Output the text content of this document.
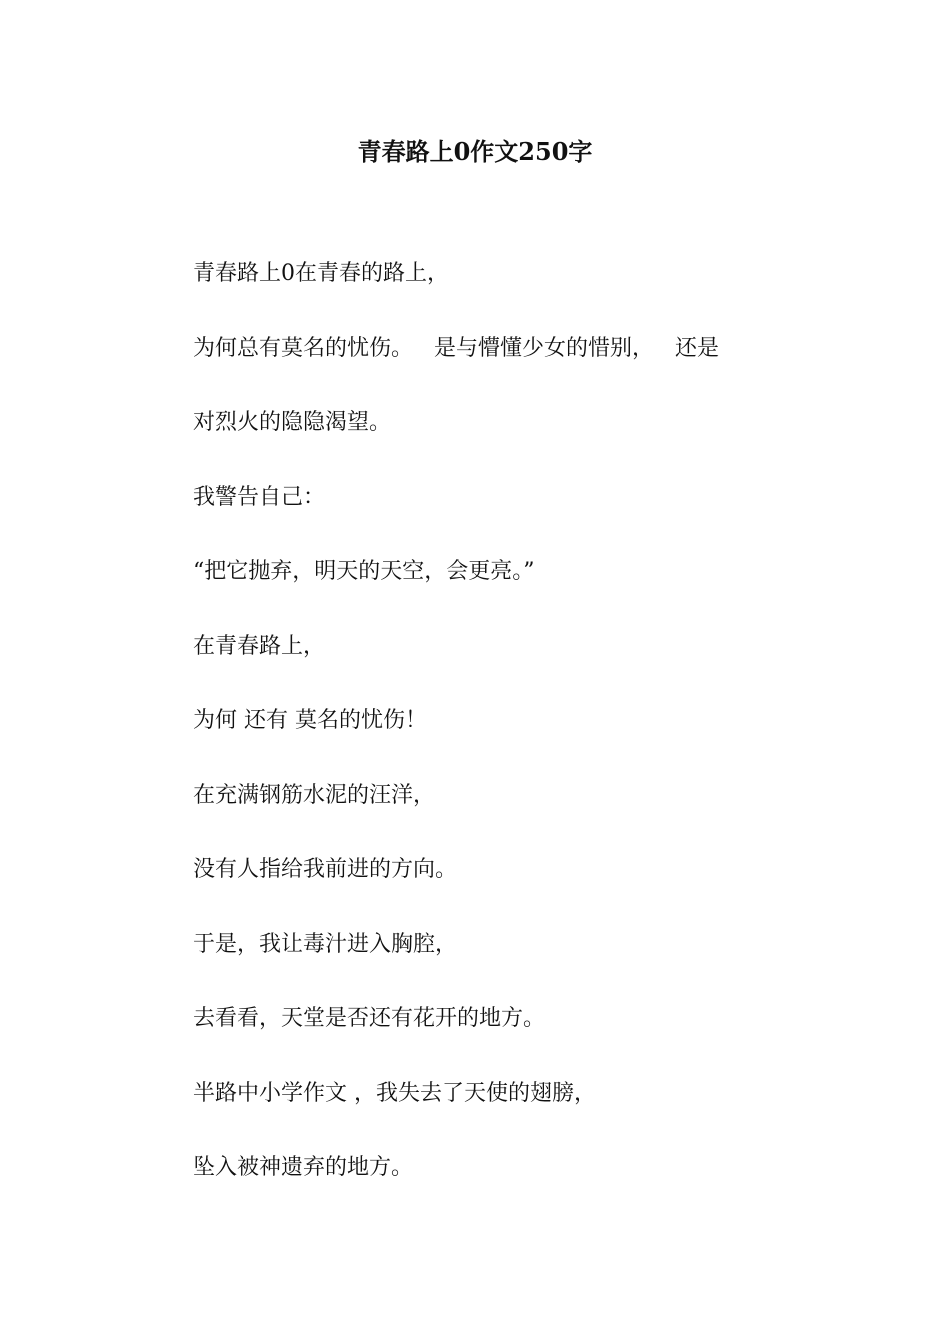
青春路上0作文250字
青春路上0在青春的路上，
为何总有莫名的忧伤。   是与懵懂少女的惜别，   还是
对烈火的隐隐渴望。
我警告自己：
“把它抛弃，明天的天空，会更亮。”
在青春路上，
为何 还有 莫名的忧伤！
在充满钢筋水泥的汪洋，
没有人指给我前进的方向。
于是，我让毒汁进入胸腔，
去看看，天堂是否还有花开的地方。
半路中小学作文 ，我失去了天使的翅膀，
坠入被神遗弃的地方。
